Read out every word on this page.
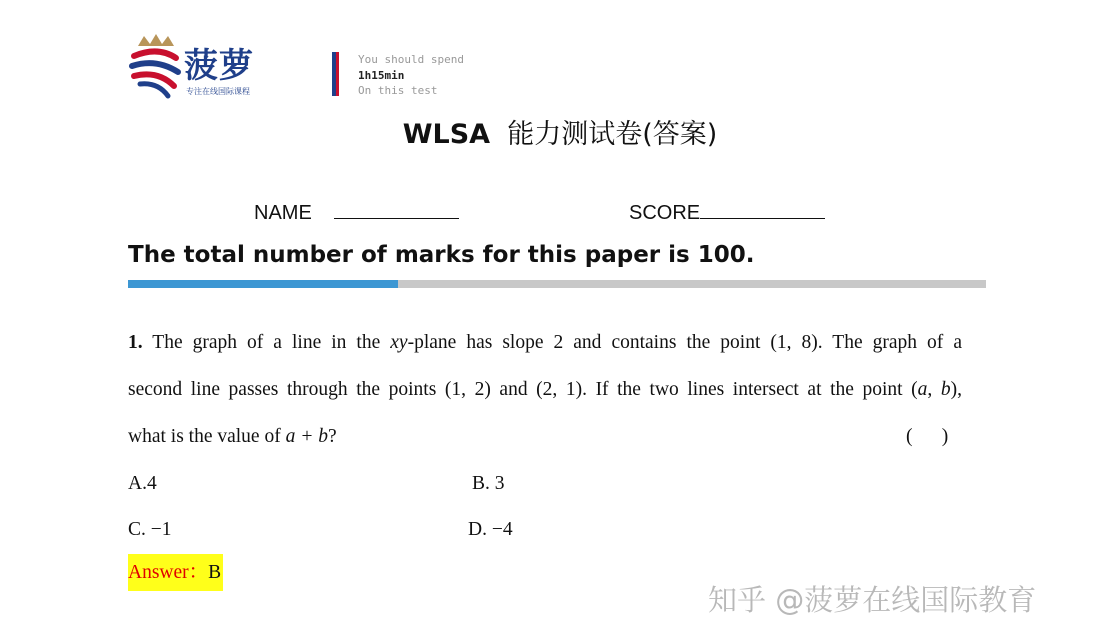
菠萝
专注在线国际课程
You should spend
1h15min
On this test
WLSA 能力测试卷(答案)
NAME	SCORE
The total number of marks for this paper is 100.
1. The graph of a line in the xy-plane has slope 2 and contains the point (1, 8). The graph of a
second line passes through the points (1, 2) and (2, 1). If the two lines intersect at the point (a, b),
what is the value of a + b?	(      )
A.4	B. 3
C. −1	D. −4
Answer：B
知乎 @菠萝在线国际教育
